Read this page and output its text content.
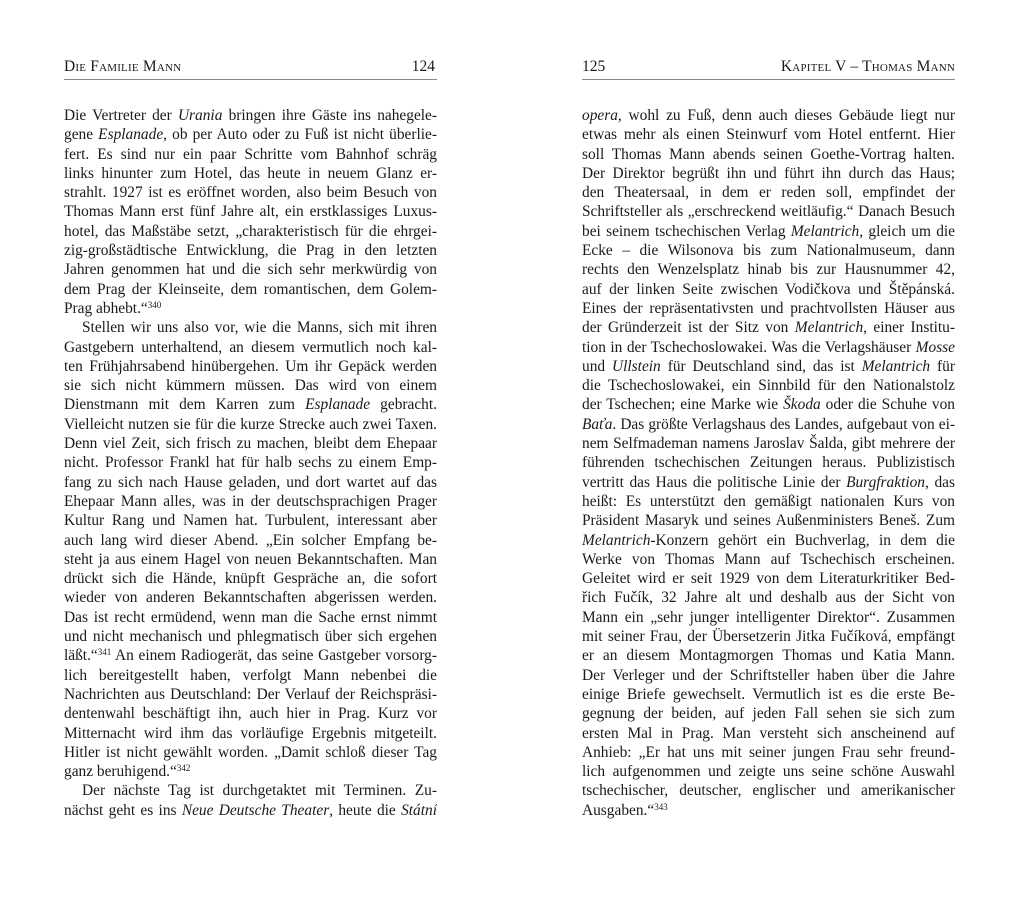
Die Familie Mann	124
Die Vertreter der Urania bringen ihre Gäste ins nahegele-
gene Esplanade, ob per Auto oder zu Fuß ist nicht überlie-
fert. Es sind nur ein paar Schritte vom Bahnhof schräg
links hinunter zum Hotel, das heute in neuem Glanz er-
strahlt. 1927 ist es eröffnet worden, also beim Besuch von
Thomas Mann erst fünf Jahre alt, ein erstklassiges Luxus-
hotel, das Maßstäbe setzt, „charakteristisch für die ehrgei-
zig-großstädtische Entwicklung, die Prag in den letzten
Jahren genommen hat und die sich sehr merkwürdig von
dem Prag der Kleinseite, dem romantischen, dem Golem-
Prag abhebt.“$^{340}$
Stellen wir uns also vor, wie die Manns, sich mit ihren
Gastgebern unterhaltend, an diesem vermutlich noch kal-
ten Frühjahrsabend hinübergehen. Um ihr Gepäck werden
sie sich nicht kümmern müssen. Das wird von einem
Dienstmann mit dem Karren zum Esplanade gebracht.
Vielleicht nutzen sie für die kurze Strecke auch zwei Taxen.
Denn viel Zeit, sich frisch zu machen, bleibt dem Ehepaar
nicht. Professor Frankl hat für halb sechs zu einem Emp-
fang zu sich nach Hause geladen, und dort wartet auf das
Ehepaar Mann alles, was in der deutschsprachigen Prager
Kultur Rang und Namen hat. Turbulent, interessant aber
auch lang wird dieser Abend. „Ein solcher Empfang be-
steht ja aus einem Hagel von neuen Bekanntschaften. Man
drückt sich die Hände, knüpft Gespräche an, die sofort
wieder von anderen Bekanntschaften abgerissen werden.
Das ist recht ermüdend, wenn man die Sache ernst nimmt
und nicht mechanisch und phlegmatisch über sich ergehen
läßt.“$^{341}$ An einem Radiogerät, das seine Gastgeber vorsorg-
lich bereitgestellt haben, verfolgt Mann nebenbei die
Nachrichten aus Deutschland: Der Verlauf der Reichspräsi-
dentenwahl beschäftigt ihn, auch hier in Prag. Kurz vor
Mitternacht wird ihm das vorläufige Ergebnis mitgeteilt.
Hitler ist nicht gewählt worden. „Damit schloß dieser Tag
ganz beruhigend.“$^{342}$
Der nächste Tag ist durchgetaktet mit Terminen. Zu-
nächst geht es ins Neue Deutsche Theater, heute die Státní
125	Kapitel V – Thomas Mann
opera, wohl zu Fuß, denn auch dieses Gebäude liegt nur
etwas mehr als einen Steinwurf vom Hotel entfernt. Hier
soll Thomas Mann abends seinen Goethe-Vortrag halten.
Der Direktor begrüßt ihn und führt ihn durch das Haus;
den Theatersaal, in dem er reden soll, empfindet der
Schriftsteller als „erschreckend weitläufig.“ Danach Besuch
bei seinem tschechischen Verlag Melantrich, gleich um die
Ecke – die Wilsonova bis zum Nationalmuseum, dann
rechts den Wenzelsplatz hinab bis zur Hausnummer 42,
auf der linken Seite zwischen Vodičkova und Štěpánská.
Eines der repräsentativsten und prachtvollsten Häuser aus
der Gründerzeit ist der Sitz von Melantrich, einer Institu-
tion in der Tschechoslowakei. Was die Verlagshäuser Mosse
und Ullstein für Deutschland sind, das ist Melantrich für
die Tschechoslowakei, ein Sinnbild für den Nationalstolz
der Tschechen; eine Marke wie Škoda oder die Schuhe von
Baťa. Das größte Verlagshaus des Landes, aufgebaut von ei-
nem Selfmademan namens Jaroslav Šalda, gibt mehrere der
führenden tschechischen Zeitungen heraus. Publizistisch
vertritt das Haus die politische Linie der Burgfraktion, das
heißt: Es unterstützt den gemäßigt nationalen Kurs von
Präsident Masaryk und seines Außenministers Beneš. Zum
Melantrich-Konzern gehört ein Buchverlag, in dem die
Werke von Thomas Mann auf Tschechisch erscheinen.
Geleitet wird er seit 1929 von dem Literaturkritiker Bed-
řich Fučík, 32 Jahre alt und deshalb aus der Sicht von
Mann ein „sehr junger intelligenter Direktor“. Zusammen
mit seiner Frau, der Übersetzerin Jitka Fučíková, empfängt
er an diesem Montagmorgen Thomas und Katia Mann.
Der Verleger und der Schriftsteller haben über die Jahre
einige Briefe gewechselt. Vermutlich ist es die erste Be-
gegnung der beiden, auf jeden Fall sehen sie sich zum
ersten Mal in Prag. Man versteht sich anscheinend auf
Anhieb: „Er hat uns mit seiner jungen Frau sehr freund-
lich aufgenommen und zeigte uns seine schöne Auswahl
tschechischer, deutscher, englischer und amerikanischer
Ausgaben.“$^{343}$
